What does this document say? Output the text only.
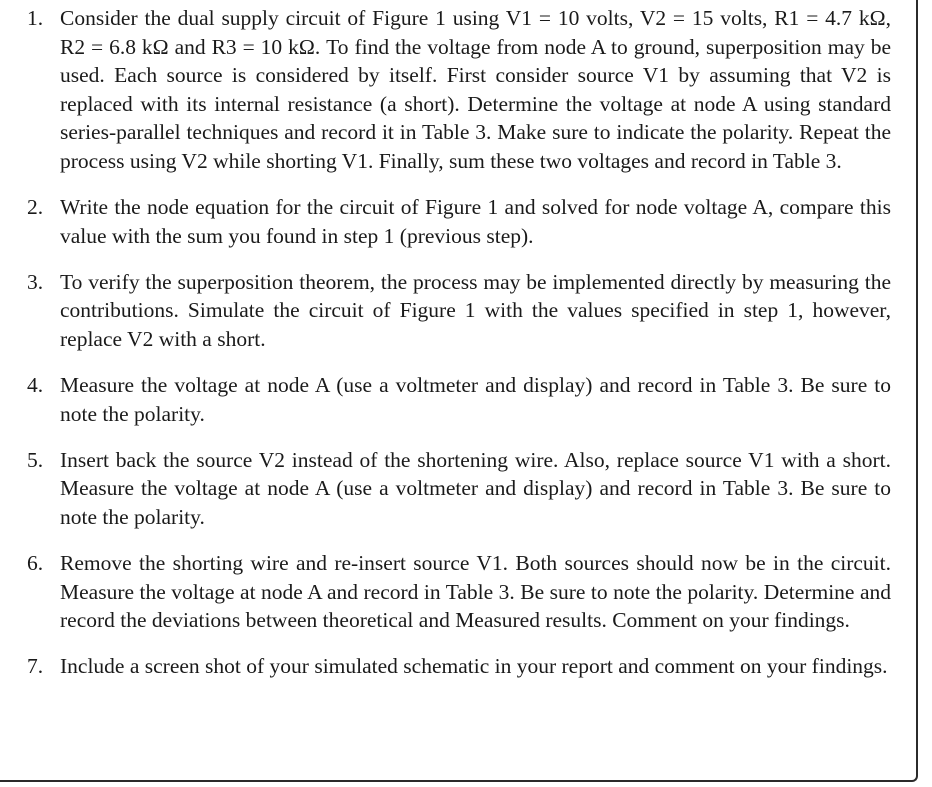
1. Consider the dual supply circuit of Figure 1 using V1 = 10 volts, V2 = 15 volts, R1 = 4.7 kΩ, R2 = 6.8 kΩ and R3 = 10 kΩ. To find the voltage from node A to ground, superposition may be used. Each source is considered by itself. First consider source V1 by assuming that V2 is replaced with its internal resistance (a short). Determine the voltage at node A using standard series-parallel techniques and record it in Table 3. Make sure to indicate the polarity. Repeat the process using V2 while shorting V1. Finally, sum these two voltages and record in Table 3.
2. Write the node equation for the circuit of Figure 1 and solved for node voltage A, compare this value with the sum you found in step 1 (previous step).
3. To verify the superposition theorem, the process may be implemented directly by measuring the contributions. Simulate the circuit of Figure 1 with the values specified in step 1, however, replace V2 with a short.
4. Measure the voltage at node A (use a voltmeter and display) and record in Table 3. Be sure to note the polarity.
5. Insert back the source V2 instead of the shortening wire. Also, replace source V1 with a short. Measure the voltage at node A (use a voltmeter and display) and record in Table 3. Be sure to note the polarity.
6. Remove the shorting wire and re-insert source V1. Both sources should now be in the circuit. Measure the voltage at node A and record in Table 3. Be sure to note the polarity. Determine and record the deviations between theoretical and Measured results. Comment on your findings.
7. Include a screen shot of your simulated schematic in your report and comment on your findings.
